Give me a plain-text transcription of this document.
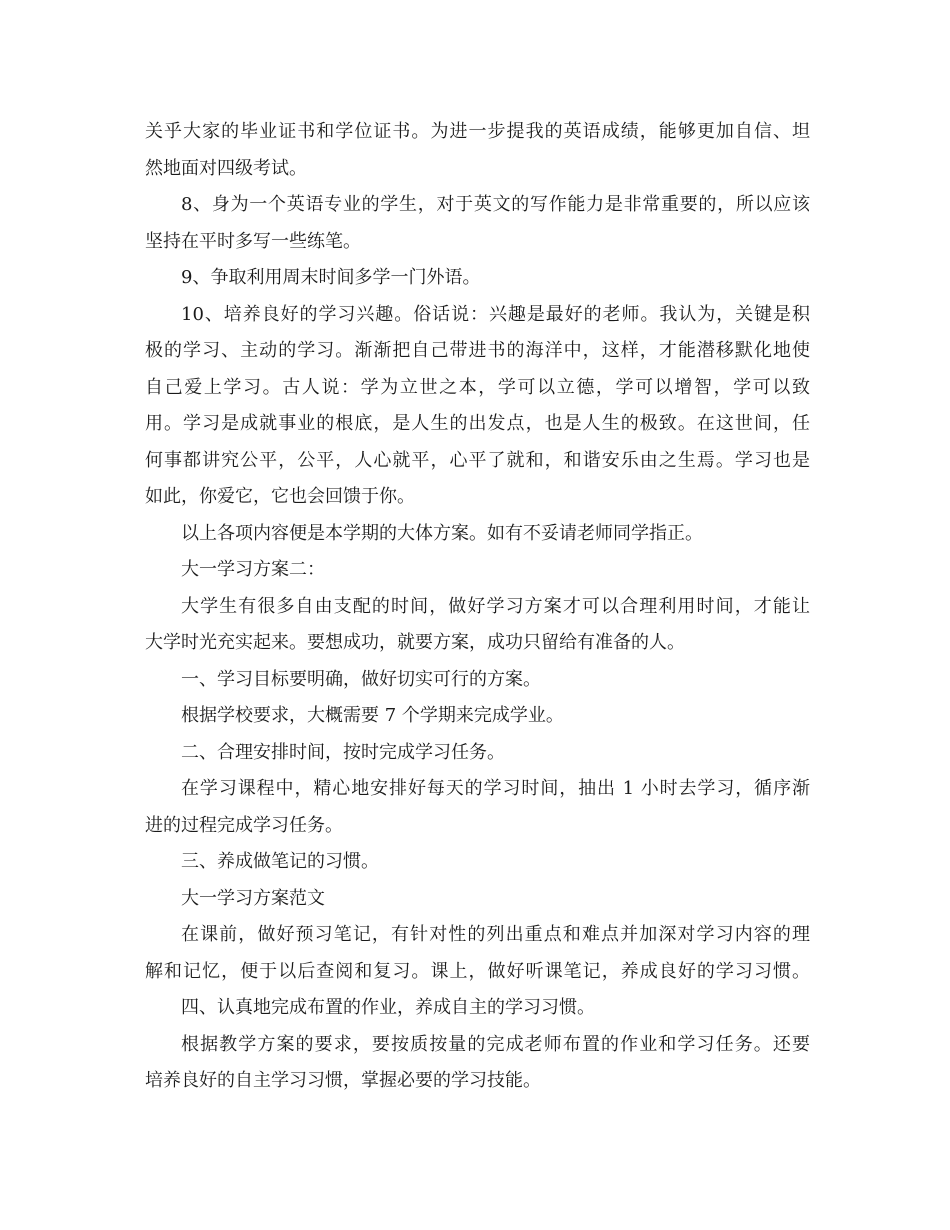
关乎大家的毕业证书和学位证书。为进一步提我的英语成绩，能够更加自信、坦
然地面对四级考试。
8、身为一个英语专业的学生，对于英文的写作能力是非常重要的，所以应该
坚持在平时多写一些练笔。
9、争取利用周末时间多学一门外语。
10、培养良好的学习兴趣。俗话说：兴趣是最好的老师。我认为，关键是积
极的学习、主动的学习。渐渐把自己带进书的海洋中，这样，才能潜移默化地使
自己爱上学习。古人说：学为立世之本，学可以立德，学可以增智，学可以致
用。学习是成就事业的根底，是人生的出发点，也是人生的极致。在这世间，任
何事都讲究公平，公平，人心就平，心平了就和，和谐安乐由之生焉。学习也是
如此，你爱它，它也会回馈于你。
以上各项内容便是本学期的大体方案。如有不妥请老师同学指正。
大一学习方案二：
大学生有很多自由支配的时间，做好学习方案才可以合理利用时间，才能让
大学时光充实起来。要想成功，就要方案，成功只留给有准备的人。
一、学习目标要明确，做好切实可行的方案。
根据学校要求，大概需要 7 个学期来完成学业。
二、合理安排时间，按时完成学习任务。
在学习课程中，精心地安排好每天的学习时间，抽出 1 小时去学习，循序渐
进的过程完成学习任务。
三、养成做笔记的习惯。
大一学习方案范文
在课前，做好预习笔记，有针对性的列出重点和难点并加深对学习内容的理
解和记忆，便于以后查阅和复习。课上，做好听课笔记，养成良好的学习习惯。
四、认真地完成布置的作业，养成自主的学习习惯。
根据教学方案的要求，要按质按量的完成老师布置的作业和学习任务。还要
培养良好的自主学习习惯，掌握必要的学习技能。
